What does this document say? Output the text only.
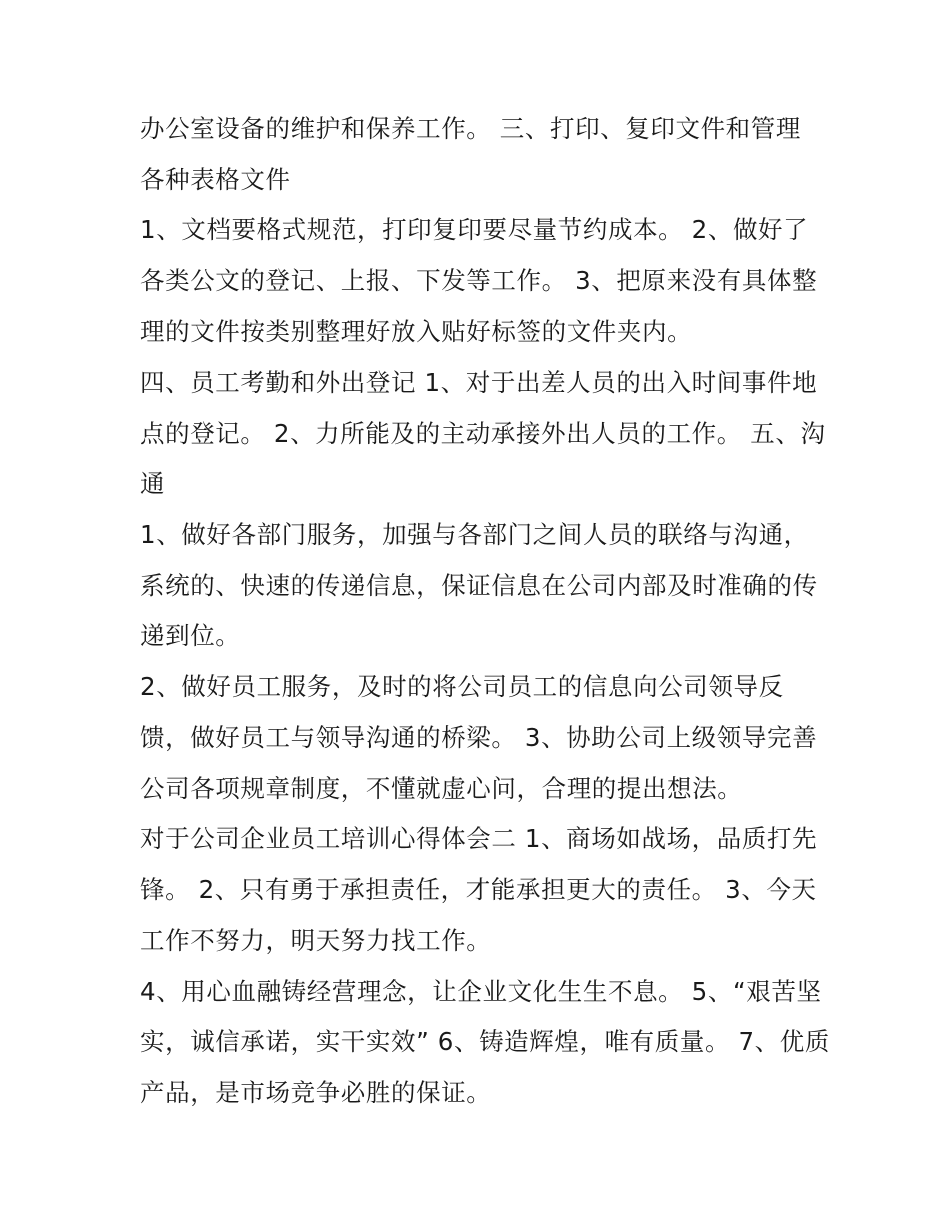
办公室设备的维护和保养工作。 三、打印、复印文件和管理
各种表格文件
1、文档要格式规范，打印复印要尽量节约成本。 2、做好了
各类公文的登记、上报、下发等工作。 3、把原来没有具体整
理的文件按类别整理好放入贴好标签的文件夹内。
四、员工考勤和外出登记 1、对于出差人员的出入时间事件地
点的登记。 2、力所能及的主动承接外出人员的工作。 五、沟
通
1、做好各部门服务，加强与各部门之间人员的联络与沟通，
系统的、快速的传递信息，保证信息在公司内部及时准确的传
递到位。
2、做好员工服务，及时的将公司员工的信息向公司领导反
馈，做好员工与领导沟通的桥梁。 3、协助公司上级领导完善
公司各项规章制度，不懂就虚心问，合理的提出想法。
对于公司企业员工培训心得体会二 1、商场如战场，品质打先
锋。 2、只有勇于承担责任，才能承担更大的责任。 3、今天
工作不努力，明天努力找工作。
4、用心血融铸经营理念，让企业文化生生不息。 5、“艰苦坚
实，诚信承诺，实干实效” 6、铸造辉煌，唯有质量。 7、优质
产品，是市场竞争必胜的保证。
